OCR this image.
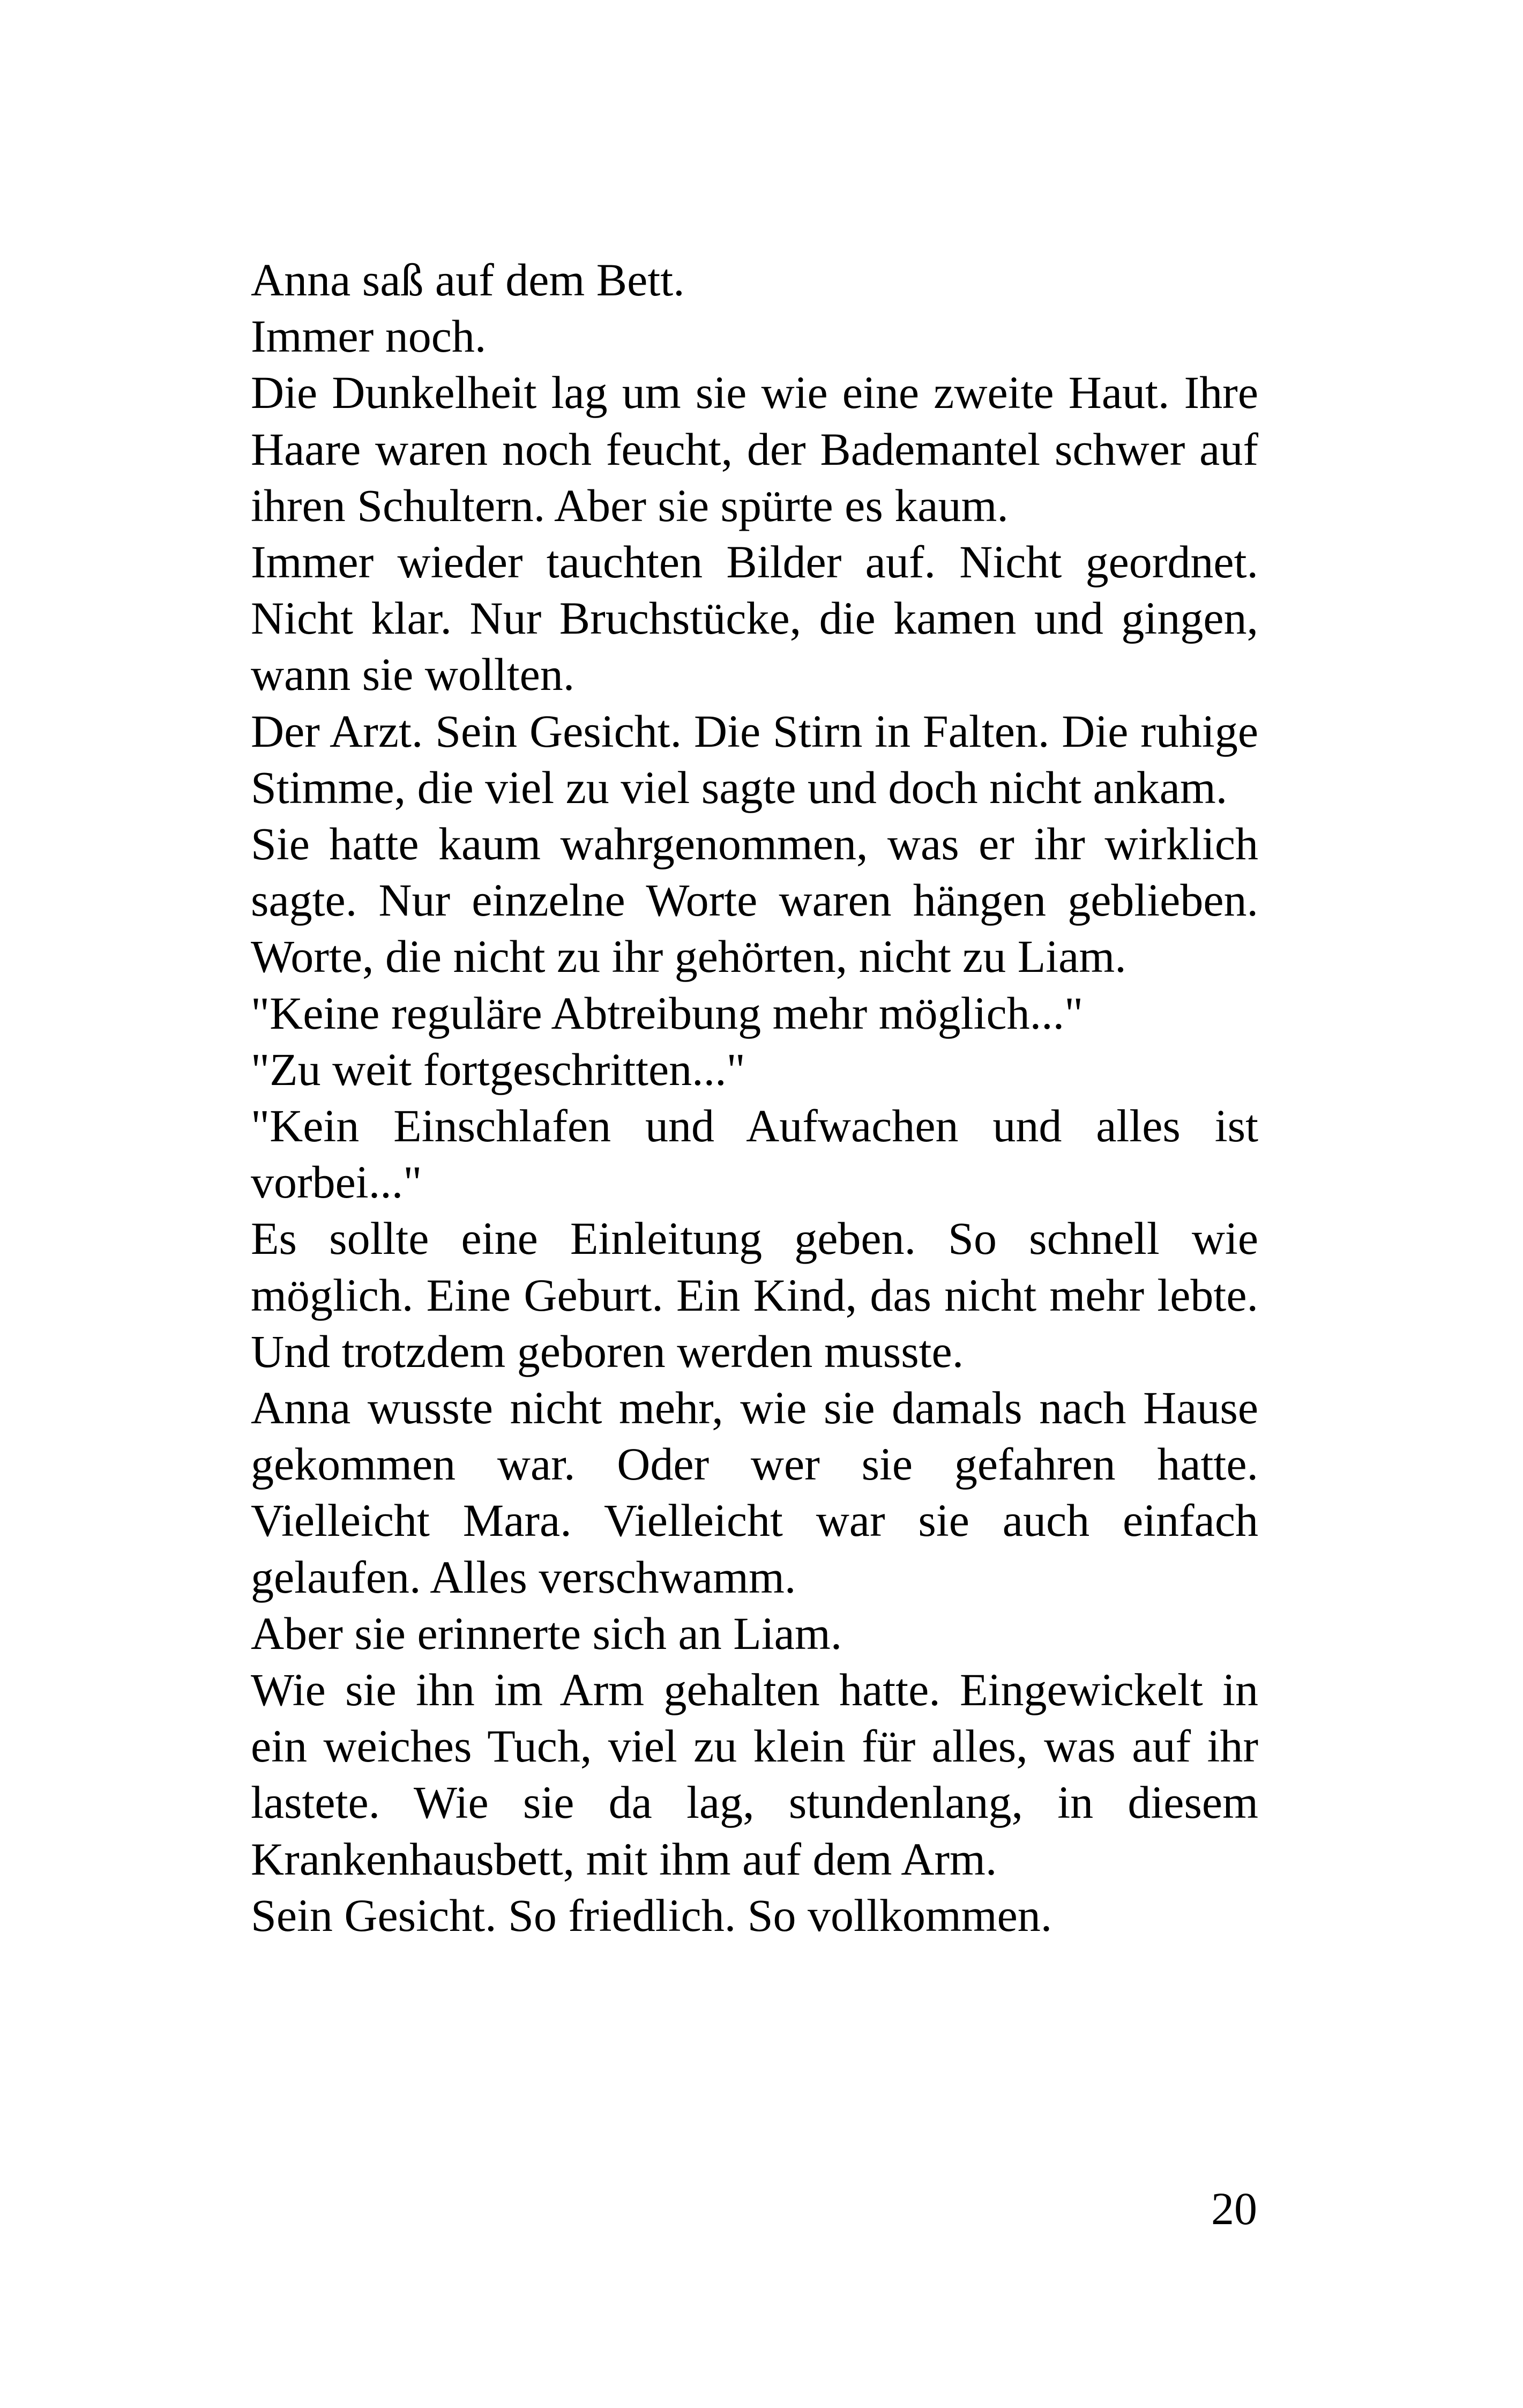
Anna saß auf dem Bett.

Immer noch.

Die Dunkelheit lag um sie wie eine zweite Haut. Ihre Haare waren noch feucht, der Bademantel schwer auf ihren Schultern. Aber sie spürte es kaum.

Immer wieder tauchten Bilder auf. Nicht geordnet. Nicht klar. Nur Bruchstücke, die kamen und gingen, wann sie wollten.

Der Arzt. Sein Gesicht. Die Stirn in Falten. Die ruhige Stimme, die viel zu viel sagte und doch nicht ankam.

Sie hatte kaum wahrgenommen, was er ihr wirklich sagte. Nur einzelne Worte waren hängen geblieben. Worte, die nicht zu ihr gehörten, nicht zu Liam.

"Keine reguläre Abtreibung mehr möglich..."

"Zu weit fortgeschritten..."

"Kein Einschlafen und Aufwachen und alles ist vorbei..."

Es sollte eine Einleitung geben. So schnell wie möglich. Eine Geburt. Ein Kind, das nicht mehr lebte. Und trotzdem geboren werden musste.

Anna wusste nicht mehr, wie sie damals nach Hause gekommen war. Oder wer sie gefahren hatte. Vielleicht Mara. Vielleicht war sie auch einfach gelaufen. Alles verschwamm.

Aber sie erinnerte sich an Liam.

Wie sie ihn im Arm gehalten hatte. Eingewickelt in ein weiches Tuch, viel zu klein für alles, was auf ihr lastete. Wie sie da lag, stundenlang, in diesem Krankenhausbett, mit ihm auf dem Arm.

Sein Gesicht. So friedlich. So vollkommen.

20
